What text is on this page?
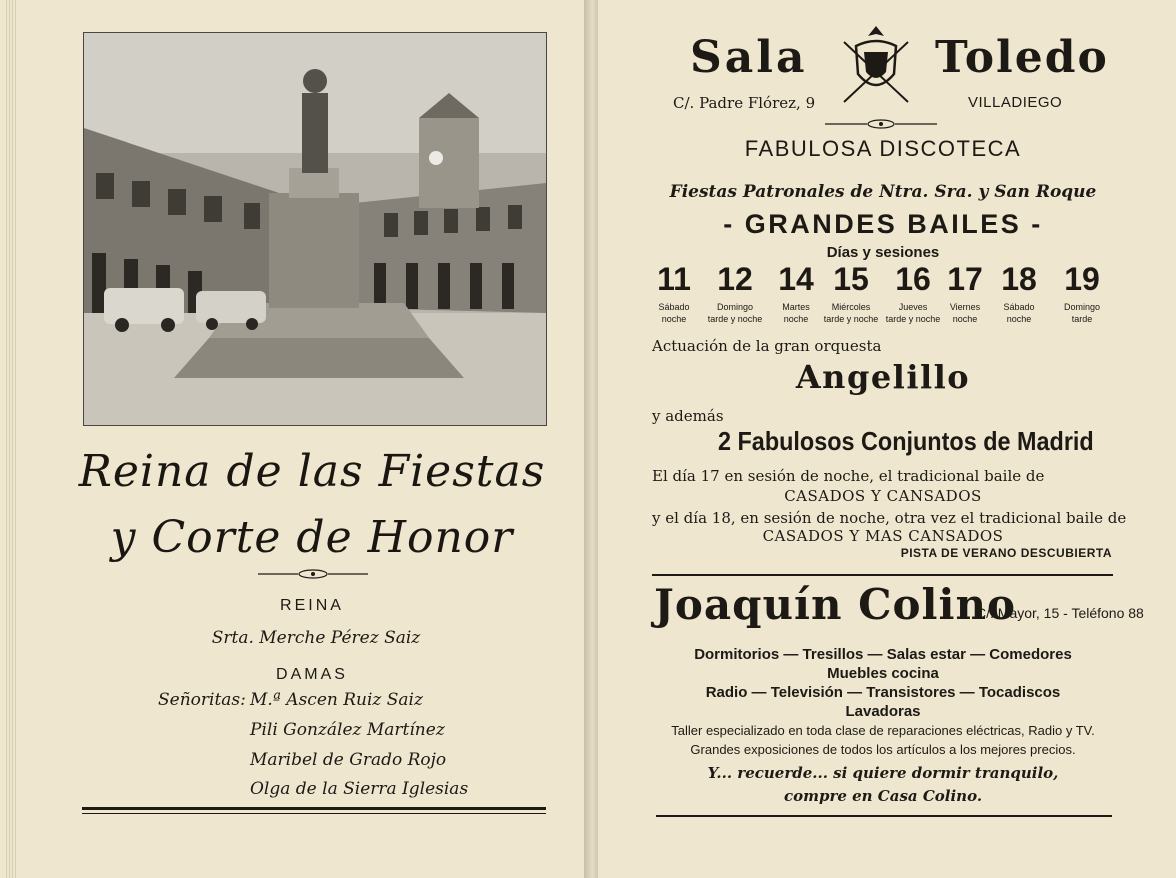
Reina de las Fiestas
y Corte de Honor
REINA
Srta. Merche Pérez Saiz
DAMAS
Señoritas: M.ª Ascen Ruiz Saiz
Pili González Martínez
Maribel de Grado Rojo
Olga de la Sierra Iglesias
Sala	Toledo
C/. Padre Flórez, 9	VILLADIEGO
FABULOSA DISCOTECA
Fiestas Patronales de Ntra. Sra. y San Roque
- GRANDES BAILES -
Días y sesiones
11
Sábado
noche
12
Domingo
tarde y noche
14
Martes
noche
15
Miércoles
tarde y noche
16
Jueves
tarde y noche
17
Viernes
noche
18
Sábado
noche
19
Domingo
tarde
Actuación de la gran orquesta
Angelillo
y además
2 Fabulosos Conjuntos de Madrid
El día 17 en sesión de noche, el tradicional baile de
CASADOS Y CANSADOS
y el día 18, en sesión de noche, otra vez el tradicional baile de
CASADOS Y MAS CANSADOS
PISTA DE VERANO DESCUBIERTA
Joaquín Colino
C/. Mayor, 15 - Teléfono 88
Dormitorios — Tresillos — Salas estar — Comedores
Muebles cocina
Radio — Televisión — Transistores — Tocadiscos
Lavadoras
Taller especializado en toda clase de reparaciones eléctricas, Radio y TV.
Grandes exposiciones de todos los artículos a los mejores precios.
Y... recuerde... si quiere dormir tranquilo,
compre en Casa Colino.
